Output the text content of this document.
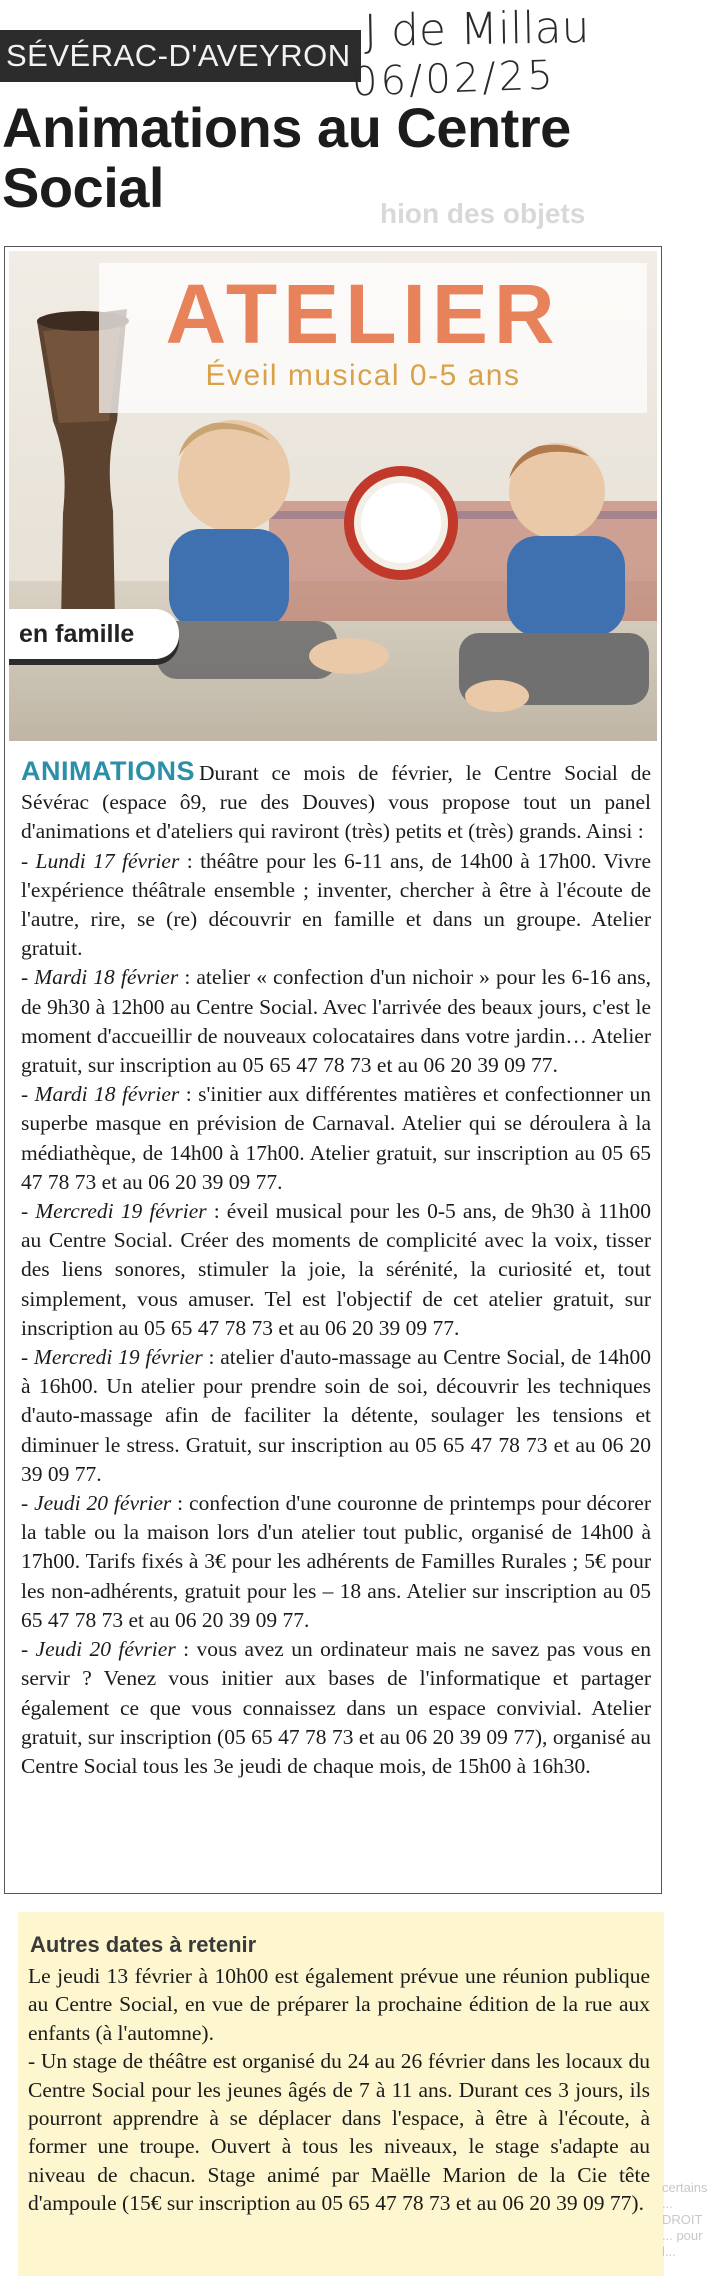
SÉVÉRAC-D'AVEYRON J de Millau
06/02/25
Animations au Centre Social	hion des objets
ATELIER
Éveil musical 0-5 ans
en famille

ANIMATIONS Durant ce mois de février, le Centre Social de Sévérac (espace ô9, rue des Douves) vous propose tout un panel d'animations et d'ateliers qui raviront (très) petits et (très) grands. Ainsi :

- Lundi 17 février : théâtre pour les 6-11 ans, de 14h00 à 17h00. Vivre l'expérience théâtrale ensemble ; inventer, chercher à être à l'écoute de l'autre, rire, se (re) découvrir en famille et dans un groupe. Atelier gratuit.

- Mardi 18 février : atelier « confection d'un nichoir » pour les 6-16 ans, de 9h30 à 12h00 au Centre Social. Avec l'arrivée des beaux jours, c'est le moment d'accueillir de nouveaux colocataires dans votre jardin… Atelier gratuit, sur inscription au 05 65 47 78 73 et au 06 20 39 09 77.

- Mardi 18 février : s'initier aux différentes matières et confectionner un superbe masque en prévision de Carnaval. Atelier qui se déroulera à la médiathèque, de 14h00 à 17h00. Atelier gratuit, sur inscription au 05 65 47 78 73 et au 06 20 39 09 77.

- Mercredi 19 février : éveil musical pour les 0-5 ans, de 9h30 à 11h00 au Centre Social. Créer des moments de complicité avec la voix, tisser des liens sonores, stimuler la joie, la sérénité, la curiosité et, tout simplement, vous amuser. Tel est l'objectif de cet atelier gratuit, sur inscription au 05 65 47 78 73 et au 06 20 39 09 77.

- Mercredi 19 février : atelier d'auto-massage au Centre Social, de 14h00 à 16h00. Un atelier pour prendre soin de soi, découvrir les techniques d'auto-massage afin de faciliter la détente, soulager les tensions et diminuer le stress. Gratuit, sur inscription au 05 65 47 78 73 et au 06 20 39 09 77.

- Jeudi 20 février : confection d'une couronne de printemps pour décorer la table ou la maison lors d'un atelier tout public, organisé de 14h00 à 17h00. Tarifs fixés à 3€ pour les adhérents de Familles Rurales ; 5€ pour les non-adhérents, gratuit pour les – 18 ans. Atelier sur inscription au 05 65 47 78 73 et au 06 20 39 09 77.

- Jeudi 20 février : vous avez un ordinateur mais ne savez pas vous en servir ? Venez vous initier aux bases de l'informatique et partager également ce que vous connaissez dans un espace convivial. Atelier gratuit, sur inscription (05 65 47 78 73 et au 06 20 39 09 77), organisé au Centre Social tous les 3e jeudi de chaque mois, de 15h00 à 16h30.

Autres dates à retenir

Le jeudi 13 février à 10h00 est également prévue une réunion publique au Centre Social, en vue de préparer la prochaine édition de la rue aux enfants (à l'automne).

- Un stage de théâtre est organisé du 24 au 26 février dans les locaux du Centre Social pour les jeunes âgés de 7 à 11 ans. Durant ces 3 jours, ils pourront apprendre à se déplacer dans l'espace, à être à l'écoute, à former une troupe. Ouvert à tous les niveaux, le stage s'adapte au niveau de chacun. Stage animé par Maëlle Marion de la Cie tête d'ampoule (15€ sur inscription au 05 65 47 78 73 et au 06 20 39 09 77).

certains ... DROIT ... pour l...
